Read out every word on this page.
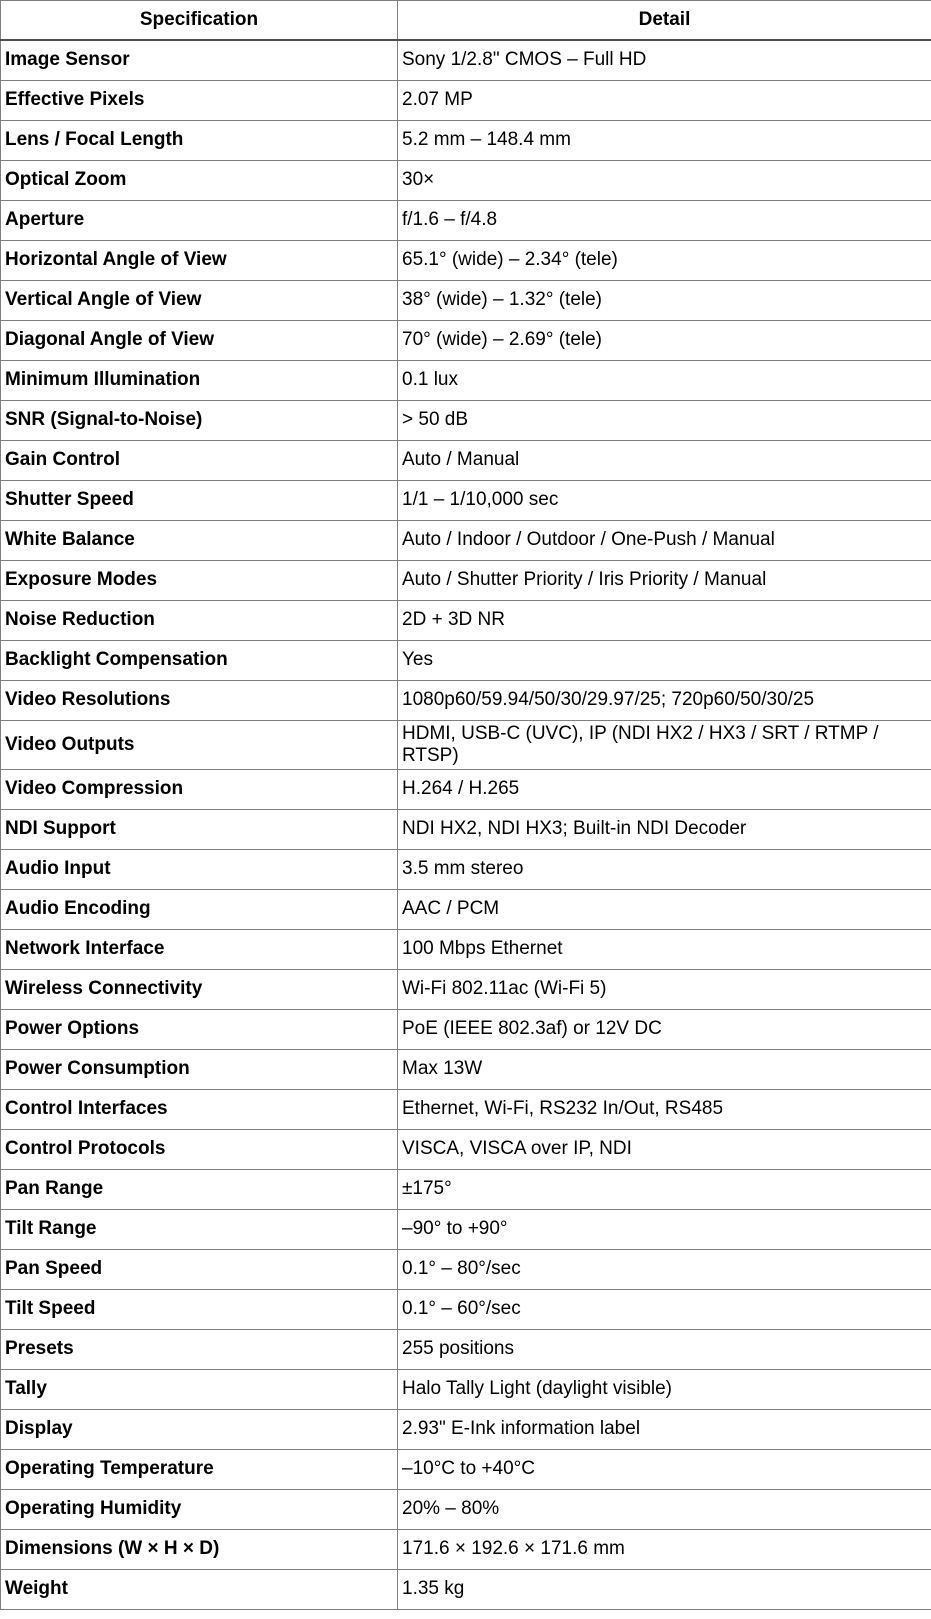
Specification	Detail
Image Sensor	Sony 1/2.8" CMOS – Full HD
Effective Pixels	2.07 MP
Lens / Focal Length	5.2 mm – 148.4 mm
Optical Zoom	30×
Aperture	f/1.6 – f/4.8
Horizontal Angle of View	65.1° (wide) – 2.34° (tele)
Vertical Angle of View	38° (wide) – 1.32° (tele)
Diagonal Angle of View	70° (wide) – 2.69° (tele)
Minimum Illumination	0.1 lux
SNR (Signal-to-Noise)	> 50 dB
Gain Control	Auto / Manual
Shutter Speed	1/1 – 1/10,000 sec
White Balance	Auto / Indoor / Outdoor / One-Push / Manual
Exposure Modes	Auto / Shutter Priority / Iris Priority / Manual
Noise Reduction	2D + 3D NR
Backlight Compensation	Yes
Video Resolutions	1080p60/59.94/50/30/29.97/25; 720p60/50/30/25
Video Outputs	HDMI, USB-C (UVC), IP (NDI HX2 / HX3 / SRT / RTMP / RTSP)
Video Compression	H.264 / H.265
NDI Support	NDI HX2, NDI HX3; Built-in NDI Decoder
Audio Input	3.5 mm stereo
Audio Encoding	AAC / PCM
Network Interface	100 Mbps Ethernet
Wireless Connectivity	Wi-Fi 802.11ac (Wi-Fi 5)
Power Options	PoE (IEEE 802.3af) or 12V DC
Power Consumption	Max 13W
Control Interfaces	Ethernet, Wi-Fi, RS232 In/Out, RS485
Control Protocols	VISCA, VISCA over IP, NDI
Pan Range	±175°
Tilt Range	–90° to +90°
Pan Speed	0.1° – 80°/sec
Tilt Speed	0.1° – 60°/sec
Presets	255 positions
Tally	Halo Tally Light (daylight visible)
Display	2.93" E-Ink information label
Operating Temperature	–10°C to +40°C
Operating Humidity	20% – 80%
Dimensions (W × H × D)	171.6 × 192.6 × 171.6 mm
Weight	1.35 kg
